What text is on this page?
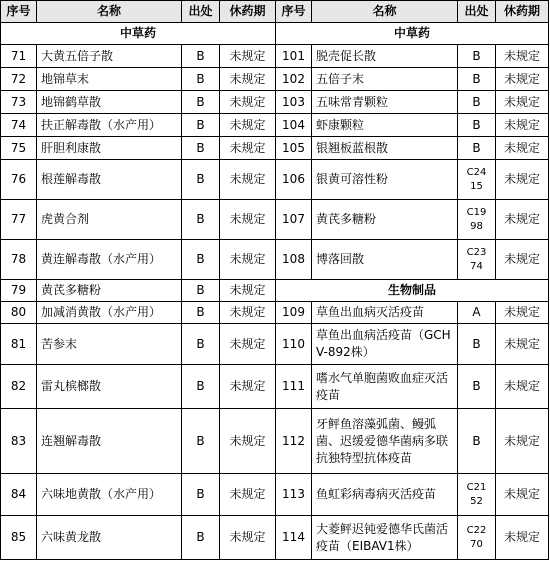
序号	名称	出处	休药期	序号	名称	出处	休药期
中草药				中草药			
71	大黄五倍子散	B	未规定	101	脱壳促长散	B	未规定
72	地锦草末	B	未规定	102	五倍子末	B	未规定
73	地锦鹤草散	B	未规定	103	五味常青颗粒	B	未规定
74	扶正解毒散（水产用）	B	未规定	104	虾康颗粒	B	未规定
75	肝胆利康散	B	未规定	105	银翘板蓝根散	B	未规定
76	根莲解毒散	B	未规定	106	银黄可溶性粉	C2415	未规定
77	虎黄合剂	B	未规定	107	黄芪多糖粉	C1998	未规定
78	黄连解毒散（水产用）	B	未规定	108	博落回散	C2374	未规定
79	黄芪多糖粉	B	未规定	生物制品			
80	加减消黄散（水产用）	B	未规定	109	草鱼出血病灭活疫苗	A	未规定
81	苦参末	B	未规定	110	草鱼出血病活疫苗（GCHV-892株）	B	未规定
82	雷丸槟榔散	B	未规定	111	嗜水气单胞菌败血症灭活疫苗	B	未规定
83	连翘解毒散	B	未规定	112	牙鲆鱼溶藻弧菌、鳗弧菌、迟缓爱德华菌病多联抗独特型抗体疫苗	B	未规定
84	六味地黄散（水产用）	B	未规定	113	鱼虹彩病毒病灭活疫苗	C2152	未规定
85	六味黄龙散	B	未规定	114	大菱鲆迟钝爱德华氏菌活疫苗（EIBAV1株）	C2270	未规定
